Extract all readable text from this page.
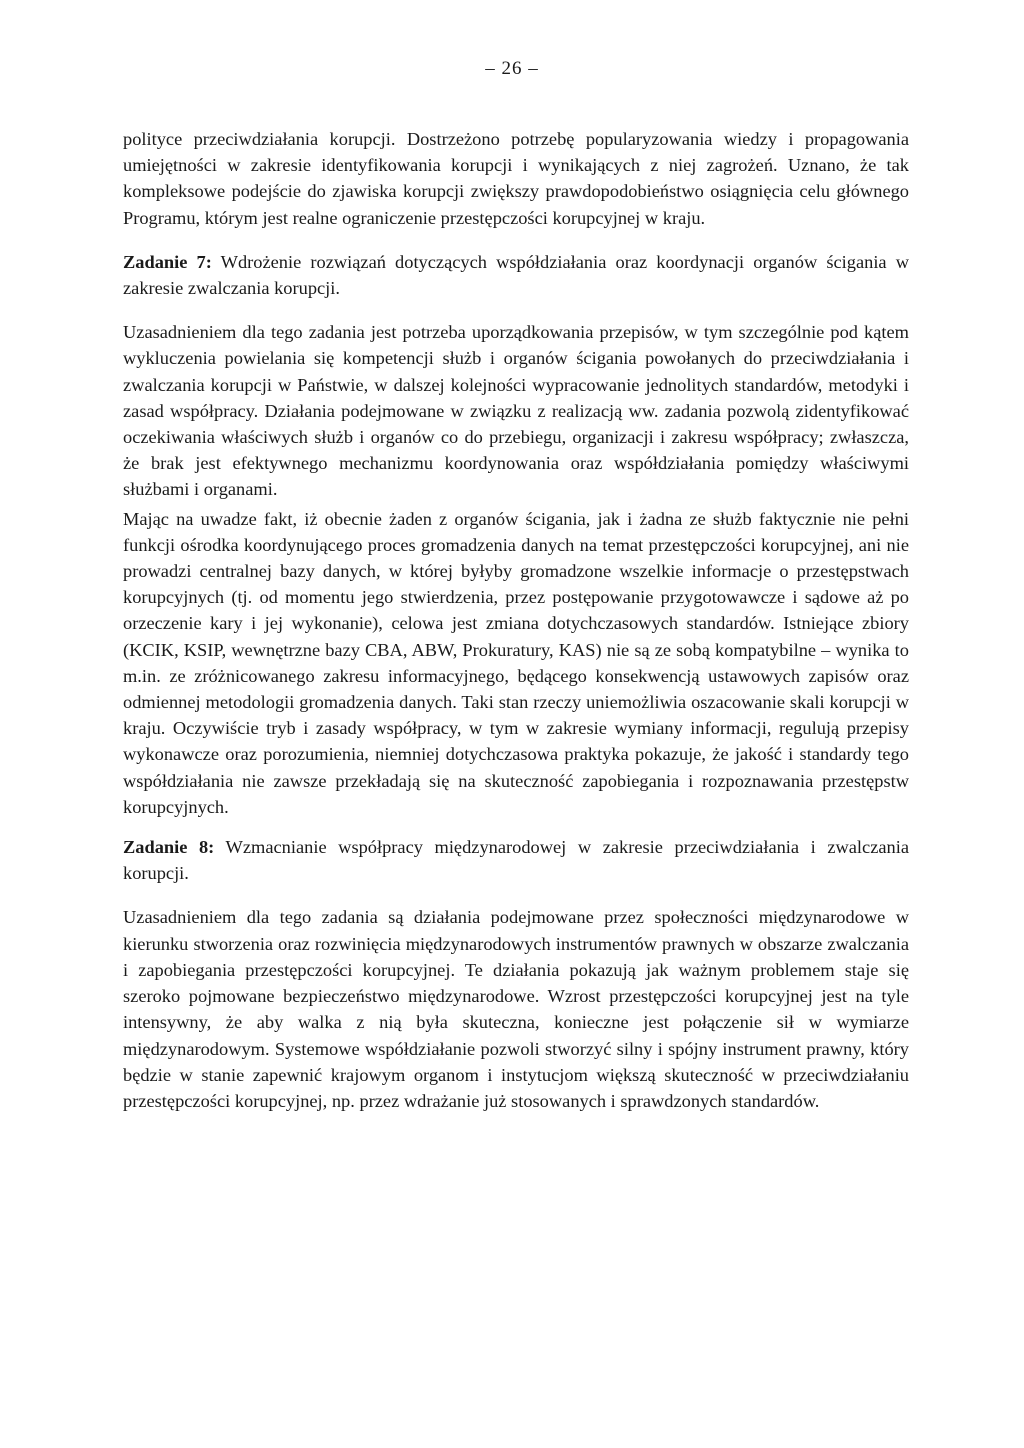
– 26 –

polityce przeciwdziałania korupcji. Dostrzeżono potrzebę popularyzowania wiedzy i propagowania umiejętności w zakresie identyfikowania korupcji i wynikających z niej zagrożeń. Uznano, że tak kompleksowe podejście do zjawiska korupcji zwiększy prawdopodobieństwo osiągnięcia celu głównego Programu, którym jest realne ograniczenie przestępczości korupcyjnej w kraju.

Zadanie 7: Wdrożenie rozwiązań dotyczących współdziałania oraz koordynacji organów ścigania w zakresie zwalczania korupcji.

Uzasadnieniem dla tego zadania jest potrzeba uporządkowania przepisów, w tym szczególnie pod kątem wykluczenia powielania się kompetencji służb i organów ścigania powołanych do przeciwdziałania i zwalczania korupcji w Państwie, w dalszej kolejności wypracowanie jednolitych standardów, metodyki i zasad współpracy. Działania podejmowane w związku z realizacją ww. zadania pozwolą zidentyfikować oczekiwania właściwych służb i organów co do przebiegu, organizacji i zakresu współpracy; zwłaszcza, że brak jest efektywnego mechanizmu koordynowania oraz współdziałania pomiędzy właściwymi służbami i organami.

Mając na uwadze fakt, iż obecnie żaden z organów ścigania, jak i żadna ze służb faktycznie nie pełni funkcji ośrodka koordynującego proces gromadzenia danych na temat przestępczości korupcyjnej, ani nie prowadzi centralnej bazy danych, w której byłyby gromadzone wszelkie informacje o przestępstwach korupcyjnych (tj. od momentu jego stwierdzenia, przez postępowanie przygotowawcze i sądowe aż po orzeczenie kary i jej wykonanie), celowa jest zmiana dotychczasowych standardów. Istniejące zbiory (KCIK, KSIP, wewnętrzne bazy CBA, ABW, Prokuratury, KAS) nie są ze sobą kompatybilne – wynika to m.in. ze zróżnicowanego zakresu informacyjnego, będącego konsekwencją ustawowych zapisów oraz odmiennej metodologii gromadzenia danych. Taki stan rzeczy uniemożliwia oszacowanie skali korupcji w kraju. Oczywiście tryb i zasady współpracy, w tym w zakresie wymiany informacji, regulują przepisy wykonawcze oraz porozumienia, niemniej dotychczasowa praktyka pokazuje, że jakość i standardy tego współdziałania nie zawsze przekładają się na skuteczność zapobiegania i rozpoznawania przestępstw korupcyjnych.

Zadanie 8: Wzmacnianie współpracy międzynarodowej w zakresie przeciwdziałania i zwalczania korupcji.

Uzasadnieniem dla tego zadania są działania podejmowane przez społeczności międzynarodowe w kierunku stworzenia oraz rozwinięcia międzynarodowych instrumentów prawnych w obszarze zwalczania i zapobiegania przestępczości korupcyjnej. Te działania pokazują jak ważnym problemem staje się szeroko pojmowane bezpieczeństwo międzynarodowe. Wzrost przestępczości korupcyjnej jest na tyle intensywny, że aby walka z nią była skuteczna, konieczne jest połączenie sił w wymiarze międzynarodowym. Systemowe współdziałanie pozwoli stworzyć silny i spójny instrument prawny, który będzie w stanie zapewnić krajowym organom i instytucjom większą skuteczność w przeciwdziałaniu przestępczości korupcyjnej, np. przez wdrażanie już stosowanych i sprawdzonych standardów.
